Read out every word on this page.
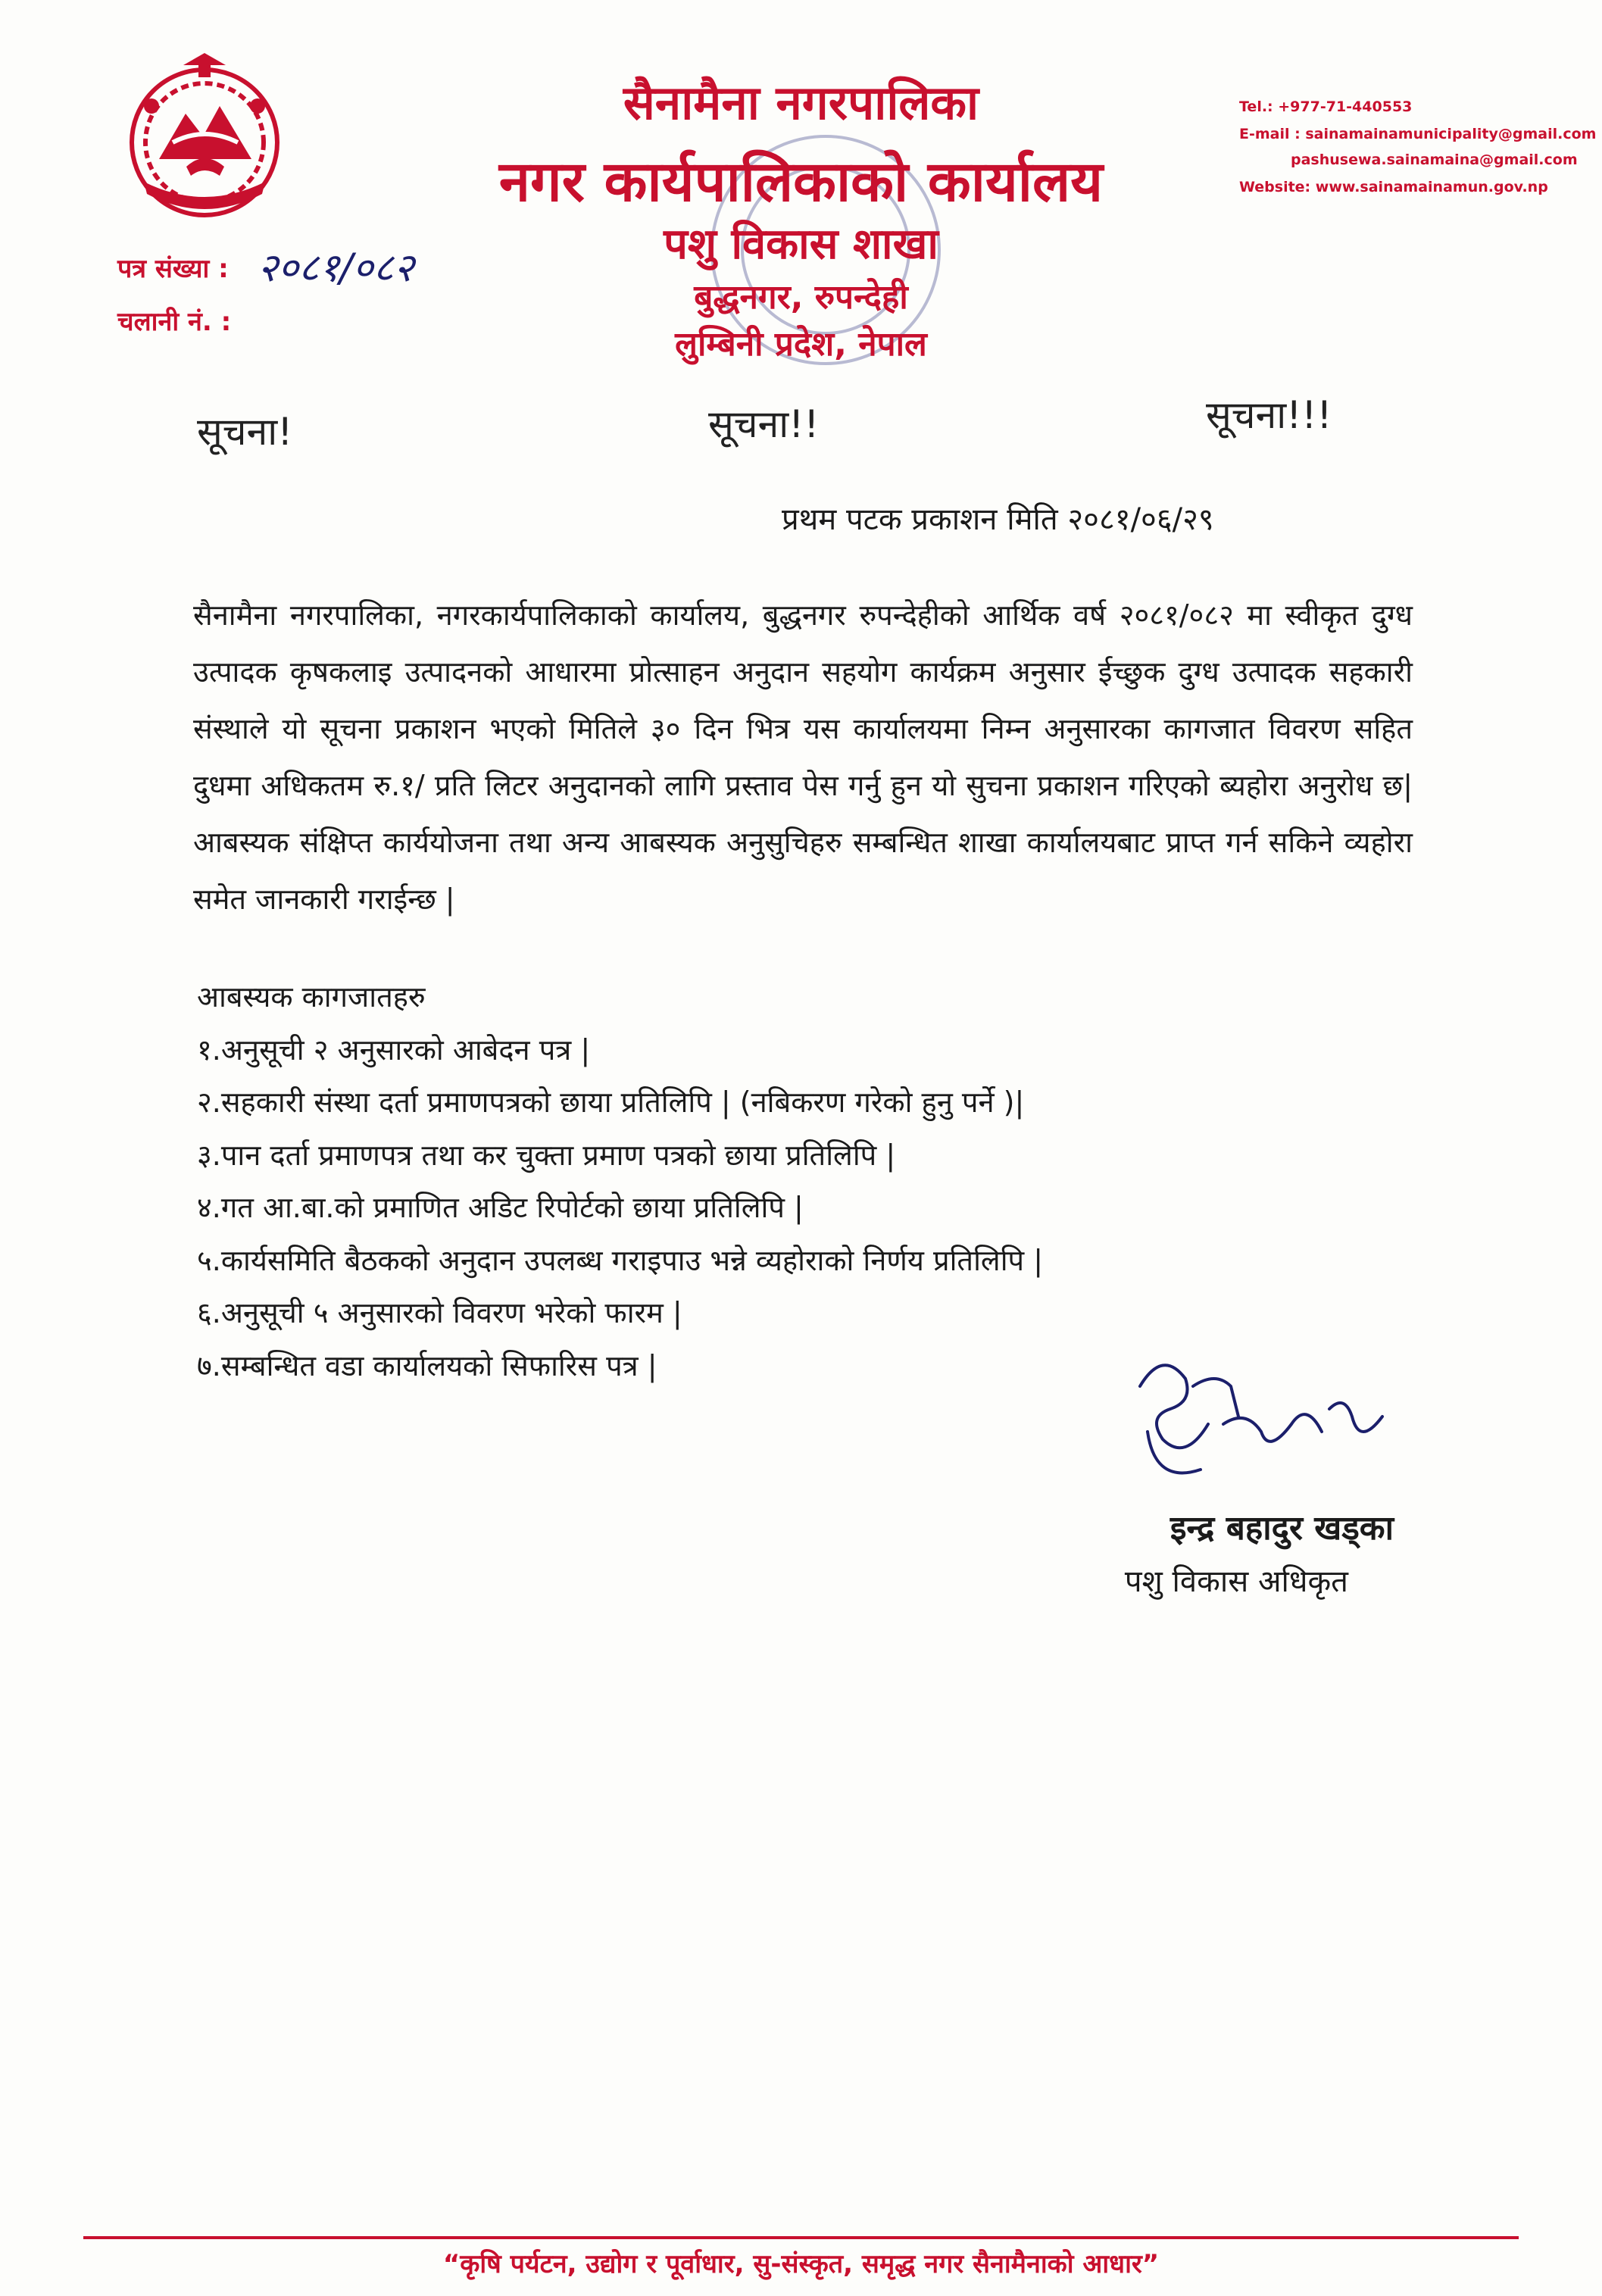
सैनामैना नगरपालिका
नगर कार्यपालिकाको कार्यालय
पशु विकास शाखा
बुद्धनगर, रुपन्देही
लुम्बिनी प्रदेश, नेपाल
Tel.: +977-71-440553
E-mail : sainamainamunicipality@gmail.com
pashusewa.sainamaina@gmail.com
Website: www.sainamainamun.gov.np
पत्र संख्या : २०८१/०८२
चलानी नं. :
सूचना!	सूचना!!	सूचना!!!
प्रथम पटक प्रकाशन मिति २०८१/०६/२९
सैनामैना नगरपालिका, नगरकार्यपालिकाको कार्यालय, बुद्धनगर रुपन्देहीको आर्थिक वर्ष २०८१/०८२ मा स्वीकृत दुग्ध उत्पादक कृषकलाइ उत्पादनको आधारमा प्रोत्साहन अनुदान सहयोग कार्यक्रम अनुसार ईच्छुक दुग्ध उत्पादक सहकारी संस्थाले यो सूचना प्रकाशन भएको मितिले ३० दिन भित्र यस कार्यालयमा निम्न अनुसारका कागजात विवरण सहित दुधमा अधिकतम रु.१/ प्रति लिटर अनुदानको लागि प्रस्ताव पेस गर्नु हुन यो सुचना प्रकाशन गरिएको ब्यहोरा अनुरोध छ| आबस्यक संक्षिप्त कार्ययोजना तथा अन्य आबस्यक अनुसुचिहरु सम्बन्धित शाखा कार्यालयबाट प्राप्त गर्न सकिने व्यहोरा समेत जानकारी गराईन्छ |
आबस्यक कागजातहरु
१.अनुसूची २ अनुसारको आबेदन पत्र |
२.सहकारी संस्था दर्ता प्रमाणपत्रको छाया प्रतिलिपि | (नबिकरण गरेको हुनु पर्ने )|
३.पान दर्ता प्रमाणपत्र तथा कर चुक्ता प्रमाण पत्रको छाया प्रतिलिपि |
४.गत आ.बा.को प्रमाणित अडिट रिपोर्टको छाया प्रतिलिपि |
५.कार्यसमिति बैठकको अनुदान उपलब्ध गराइपाउ भन्ने व्यहोराको निर्णय प्रतिलिपि |
६.अनुसूची ५ अनुसारको विवरण भरेको फारम |
७.सम्बन्धित वडा कार्यालयको सिफारिस पत्र |
इन्द्र बहादुर खड्का
पशु विकास अधिकृत
“कृषि पर्यटन, उद्योग र पूर्वाधार, सु-संस्कृत, समृद्ध नगर सैनामैनाको आधार”
